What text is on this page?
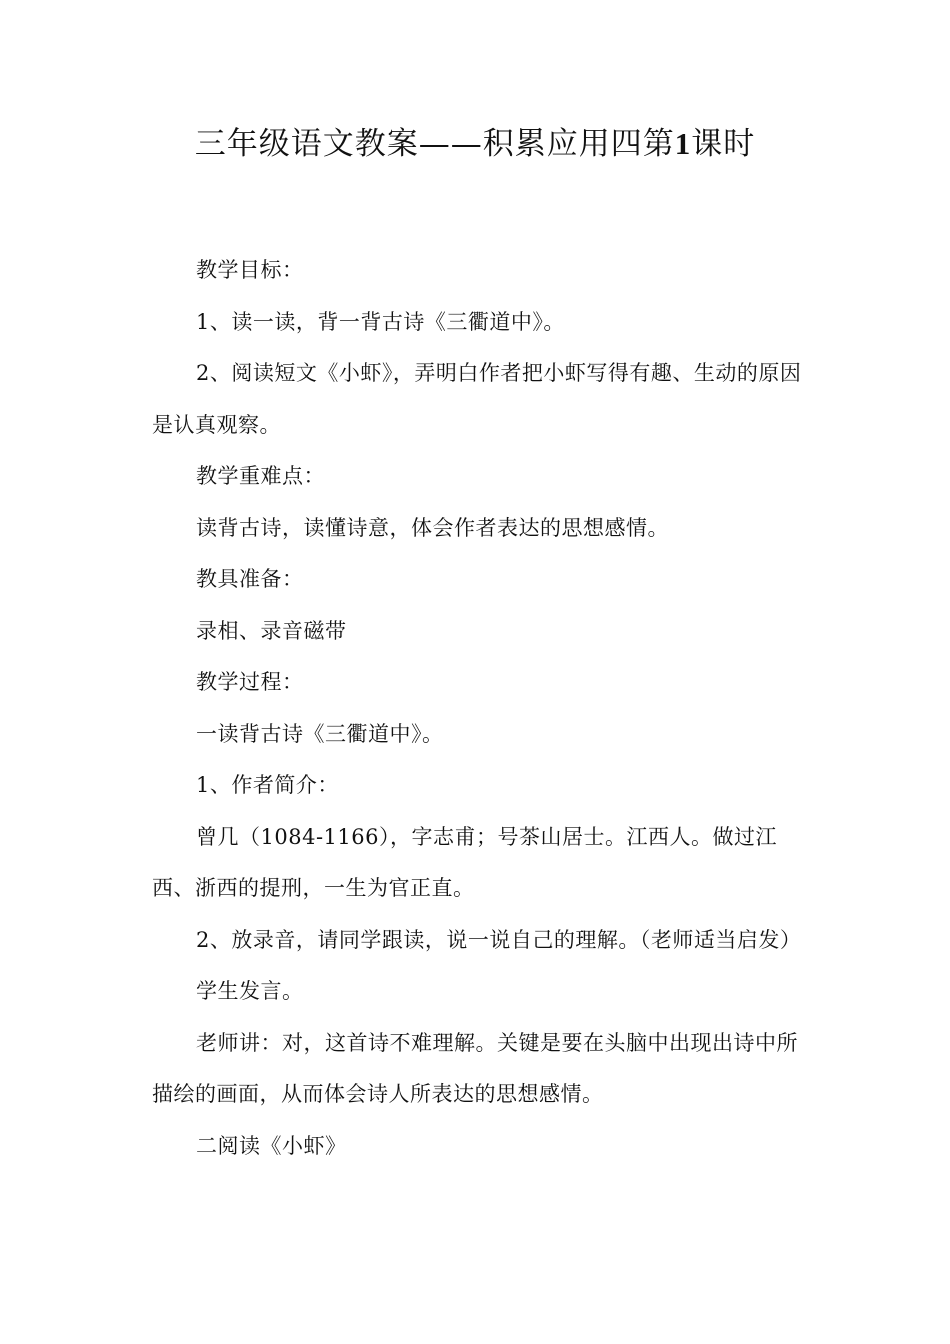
三年级语文教案——积累应用四第1课时

教学目标：

1、读一读，背一背古诗《三衢道中》。

2、阅读短文《小虾》，弄明白作者把小虾写得有趣、生动的原因是认真观察。

教学重难点：

读背古诗，读懂诗意，体会作者表达的思想感情。

教具准备：

录相、录音磁带

教学过程：

一读背古诗《三衢道中》。

1、作者简介：

曾几（1084-1166），字志甫；号茶山居士。江西人。做过江西、浙西的提刑，一生为官正直。

2、放录音，请同学跟读，说一说自己的理解。（老师适当启发）

学生发言。

老师讲：对，这首诗不难理解。关键是要在头脑中出现出诗中所描绘的画面，从而体会诗人所表达的思想感情。

二阅读《小虾》
